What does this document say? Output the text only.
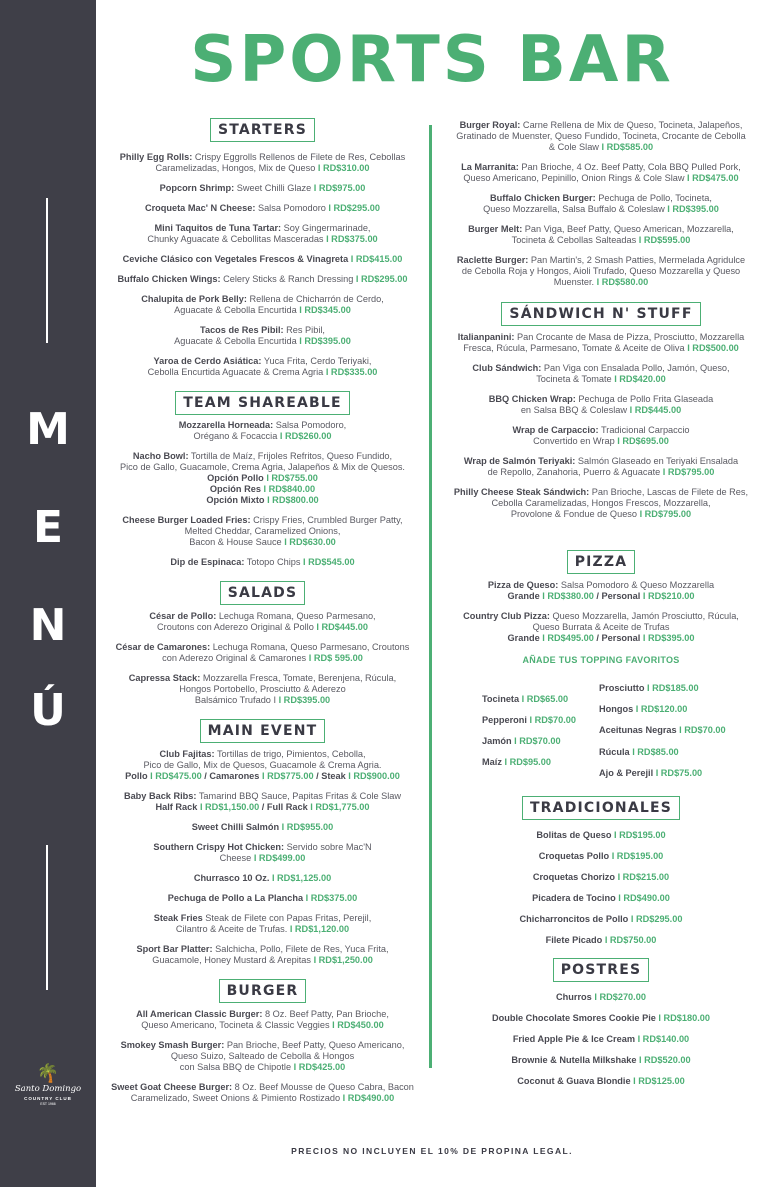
M
E
N
Ú
🌴
Santo Domingo
COUNTRY CLUB
EST 1966
SPORTS BAR
STARTERS
Philly Egg Rolls: Crispy Eggrolls Rellenos de Filete de Res, Cebollas
Caramelizadas, Hongos, Mix de Queso I RD$310.00
Popcorn Shrimp: Sweet Chilli Glaze I RD$975.00
Croqueta Mac' N Cheese: Salsa Pomodoro I RD$295.00
Mini Taquitos de Tuna Tartar: Soy Gingermarinade,
Chunky Aguacate & Cebollitas Masceradas I RD$375.00
Ceviche Clásico con Vegetales Frescos & Vinagreta I RD$415.00
Buffalo Chicken Wings: Celery Sticks & Ranch Dressing I RD$295.00
Chalupita de Pork Belly: Rellena de Chicharrón de Cerdo,
Aguacate & Cebolla Encurtida I RD$345.00
Tacos de Res Pibil: Res Pibil,
Aguacate & Cebolla Encurtida I RD$395.00
Yaroa de Cerdo Asiática: Yuca Frita, Cerdo Teriyaki,
Cebolla Encurtida Aguacate & Crema Agria I RD$335.00
TEAM SHAREABLE
Mozzarella Horneada: Salsa Pomodoro,
Orégano & Focaccia I RD$260.00
Nacho Bowl: Tortilla de Maíz, Frijoles Refritos, Queso Fundido,
Pico de Gallo, Guacamole, Crema Agria, Jalapeños & Mix de Quesos.
Opción Pollo I RD$755.00
Opción Res I RD$840.00
Opción Mixto I RD$800.00
Cheese Burger Loaded Fries: Crispy Fries, Crumbled Burger Patty,
Melted Cheddar, Caramelized Onions,
Bacon & House Sauce I RD$630.00
Dip de Espinaca: Totopo Chips I RD$545.00
SALADS
César de Pollo: Lechuga Romana, Queso Parmesano,
Croutons con Aderezo Original & Pollo I RD$445.00
César de Camarones: Lechuga Romana, Queso Parmesano, Croutons
con Aderezo Original & Camarones I RD$ 595.00
Capressa Stack: Mozzarella Fresca, Tomate, Berenjena, Rúcula,
Hongos Portobello, Prosciutto & Aderezo
Balsámico Trufado I I RD$395.00
MAIN EVENT
Club Fajitas: Tortillas de trigo, Pimientos, Cebolla,
Pico de Gallo, Mix de Quesos, Guacamole & Crema Agria.
Pollo I RD$475.00 / Camarones I RD$775.00 / Steak I RD$900.00
Baby Back Ribs: Tamarind BBQ Sauce, Papitas Fritas & Cole Slaw
Half Rack I RD$1,150.00 / Full Rack I RD$1,775.00
Sweet Chilli Salmón I RD$955.00
Southern Crispy Hot Chicken: Servido sobre Mac'N
Cheese I RD$499.00
Churrasco 10 Oz. I RD$1,125.00
Pechuga de Pollo a La Plancha I RD$375.00
Steak Fries Steak de Filete con Papas Fritas, Perejil,
Cilantro & Aceite de Trufas. I RD$1,120.00
Sport Bar Platter: Salchicha, Pollo, Filete de Res, Yuca Frita,
Guacamole, Honey Mustard & Arepitas I RD$1,250.00
BURGER
All American Classic Burger: 8 Oz. Beef Patty, Pan Brioche,
Queso Americano, Tocineta & Classic Veggies I RD$450.00
Smokey Smash Burger: Pan Brioche, Beef Patty, Queso Americano,
Queso Suizo, Salteado de Cebolla & Hongos
con Salsa BBQ de Chipotle I RD$425.00
Sweet Goat Cheese Burger: 8 Oz. Beef Mousse de Queso Cabra, Bacon
Caramelizado, Sweet Onions & Pimiento Rostizado I RD$490.00
Burger Royal: Carne Rellena de Mix de Queso, Tocineta, Jalapeños,
Gratinado de Muenster, Queso Fundido, Tocineta, Crocante de Cebolla
& Cole Slaw I RD$585.00
La Marranita: Pan Brioche, 4 Oz. Beef Patty, Cola BBQ Pulled Pork,
Queso Americano, Pepinillo, Onion Rings & Cole Slaw I RD$475.00
Buffalo Chicken Burger: Pechuga de Pollo, Tocineta,
Queso Mozzarella, Salsa Buffalo & Coleslaw I RD$395.00
Burger Melt: Pan Viga, Beef Patty, Queso American, Mozzarella,
Tocineta & Cebollas Salteadas I RD$595.00
Raclette Burger: Pan Martin's, 2 Smash Patties, Mermelada Agridulce
de Cebolla Roja y Hongos, Aioli Trufado, Queso Mozzarella y Queso
Muenster. I RD$580.00
SÁNDWICH N' STUFF
Italianpanini: Pan Crocante de Masa de Pizza, Prosciutto, Mozzarella
Fresca, Rúcula, Parmesano, Tomate & Aceite de Oliva I RD$500.00
Club Sándwich: Pan Viga con Ensalada Pollo, Jamón, Queso,
Tocineta & Tomate I RD$420.00
BBQ Chicken Wrap: Pechuga de Pollo Frita Glaseada
en Salsa BBQ & Coleslaw I RD$445.00
Wrap de Carpaccio: Tradicional Carpaccio
Convertido en Wrap I RD$695.00
Wrap de Salmón Teriyaki: Salmón Glaseado en Teriyaki Ensalada
de Repollo, Zanahoria, Puerro & Aguacate I RD$795.00
Philly Cheese Steak Sándwich: Pan Brioche, Lascas de Filete de Res,
Cebolla Caramelizadas, Hongos Frescos, Mozzarella,
Provolone & Fondue de Queso I RD$795.00
PIZZA
Pizza de Queso: Salsa Pomodoro & Queso Mozzarella
Grande I RD$380.00 / Personal I RD$210.00
Country Club Pizza: Queso Mozzarella, Jamón Prosciutto, Rúcula,
Queso Burrata & Aceite de Trufas
Grande I RD$495.00 / Personal I RD$395.00
AÑADE TUS TOPPING FAVORITOS
Tocineta I RD$65.00
Pepperoni I RD$70.00
Jamón I RD$70.00
Maíz I RD$95.00
Prosciutto I RD$185.00
Hongos I RD$120.00
Aceitunas Negras I RD$70.00
Rúcula I RD$85.00
Ajo & Perejil I RD$75.00
TRADICIONALES
Bolitas de Queso I RD$195.00
Croquetas Pollo I RD$195.00
Croquetas Chorizo I RD$215.00
Picadera de Tocino I RD$490.00
Chicharroncitos de Pollo I RD$295.00
Filete Picado I RD$750.00
POSTRES
Churros I RD$270.00
Double Chocolate Smores Cookie Pie I RD$180.00
Fried Apple Pie & Ice Cream I RD$140.00
Brownie & Nutella Milkshake I RD$520.00
Coconut & Guava Blondie I RD$125.00
PRECIOS NO INCLUYEN EL 10% DE PROPINA LEGAL.
